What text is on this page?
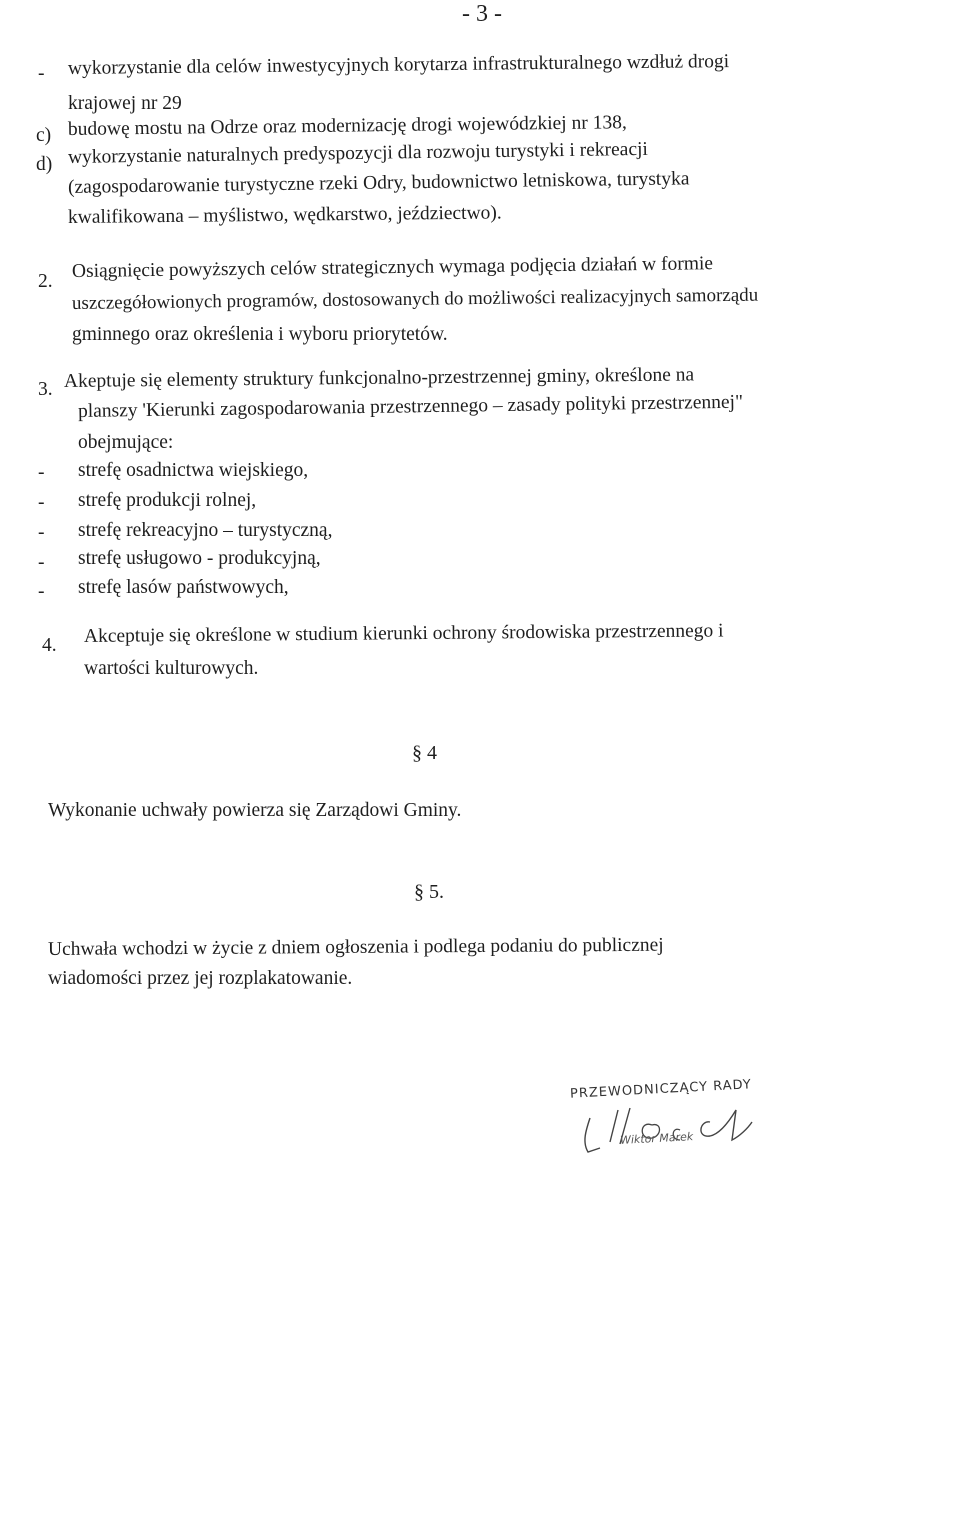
- 3 -
- wykorzystanie dla celów inwestycyjnych korytarza infrastrukturalnego wzdłuż drogi
krajowej nr 29
c) budowę mostu na Odrze oraz modernizację drogi wojewódzkiej nr 138,
d) wykorzystanie naturalnych predyspozycji dla rozwoju turystyki i rekreacji
(zagospodarowanie turystyczne rzeki Odry, budownictwo letniskowa, turystyka
kwalifikowana – myślistwo, wędkarstwo, jeździectwo).
2. Osiągnięcie powyższych celów strategicznych wymaga podjęcia działań w formie
uszczegółowionych programów, dostosowanych do możliwości realizacyjnych samorządu
gminnego oraz określenia i wyboru priorytetów.
3. Akeptuje się elementy struktury funkcjonalno-przestrzennej gminy, określone na
planszy 'Kierunki zagospodarowania przestrzennego – zasady polityki przestrzennej"
obejmujące:
- strefę osadnictwa wiejskiego,
- strefę produkcji rolnej,
- strefę rekreacyjno – turystyczną,
- strefę usługowo - produkcyjną,
- strefę lasów państwowych,
4. Akceptuje się określone w studium kierunki ochrony środowiska przestrzennego i
wartości kulturowych.
§ 4
Wykonanie uchwały powierza się Zarządowi Gminy.
§ 5.
Uchwała wchodzi w życie z dniem ogłoszenia i podlega podaniu do publicznej
wiadomości przez jej rozplakatowanie.
PRZEWODNICZĄCY RADY
Wiktor Marek
